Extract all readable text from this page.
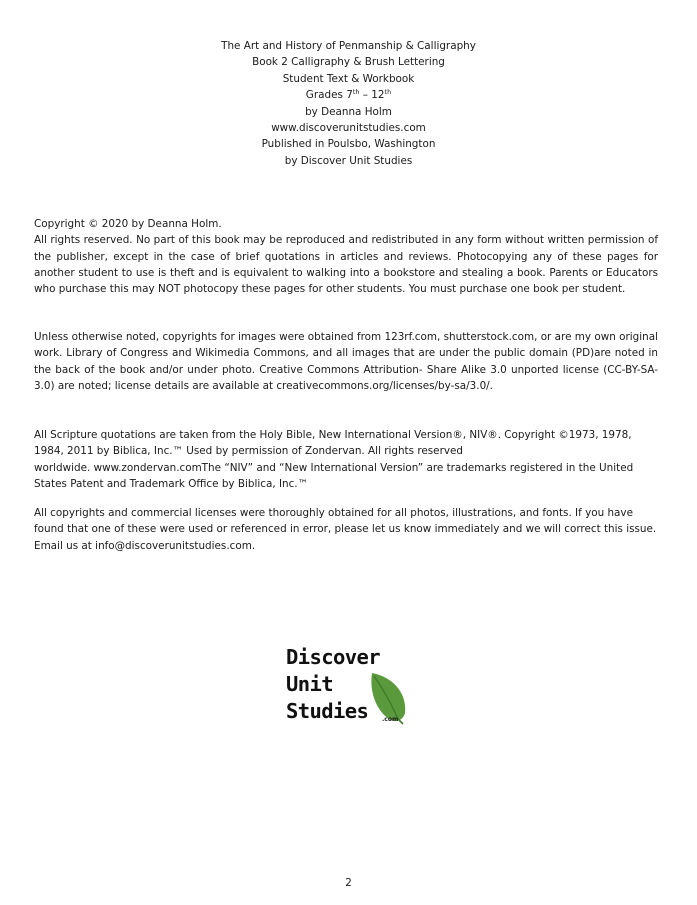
The Art and History of Penmanship & Calligraphy
Book 2 Calligraphy & Brush Lettering
Student Text & Workbook
Grades 7th – 12th
by Deanna Holm
www.discoverunitstudies.com
Published in Poulsbo, Washington
by Discover Unit Studies
Copyright © 2020 by Deanna Holm.
All rights reserved. No part of this book may be reproduced and redistributed in any form without written permission of the publisher, except in the case of brief quotations in articles and reviews. Photocopying any of these pages for another student to use is theft and is equivalent to walking into a bookstore and stealing a book. Parents or Educators who purchase this may NOT photocopy these pages for other students. You must purchase one book per student.
Unless otherwise noted, copyrights for images were obtained from 123rf.com, shutterstock.com, or are my own original work. Library of Congress and Wikimedia Commons, and all images that are under the public domain (PD)are noted in the back of the book and/or under photo. Creative Commons Attribution- Share Alike 3.0 unported license (CC-BY-SA-3.0) are noted; license details are available at creativecommons.org/licenses/by-sa/3.0/.
All Scripture quotations are taken from the Holy Bible, New International Version®, NIV®. Copyright ©1973, 1978, 1984, 2011 by Biblica, Inc.™ Used by permission of Zondervan. All rights reserved
worldwide. www.zondervan.comThe “NIV” and “New International Version” are trademarks registered in the United States Patent and Trademark Office by Biblica, Inc.™
All copyrights and commercial licenses were thoroughly obtained for all photos, illustrations, and fonts. If you have found that one of these were used or referenced in error, please let us know immediately and we will correct this issue. Email us at info@discoverunitstudies.com.
Discover
Unit
Studies .com
2
